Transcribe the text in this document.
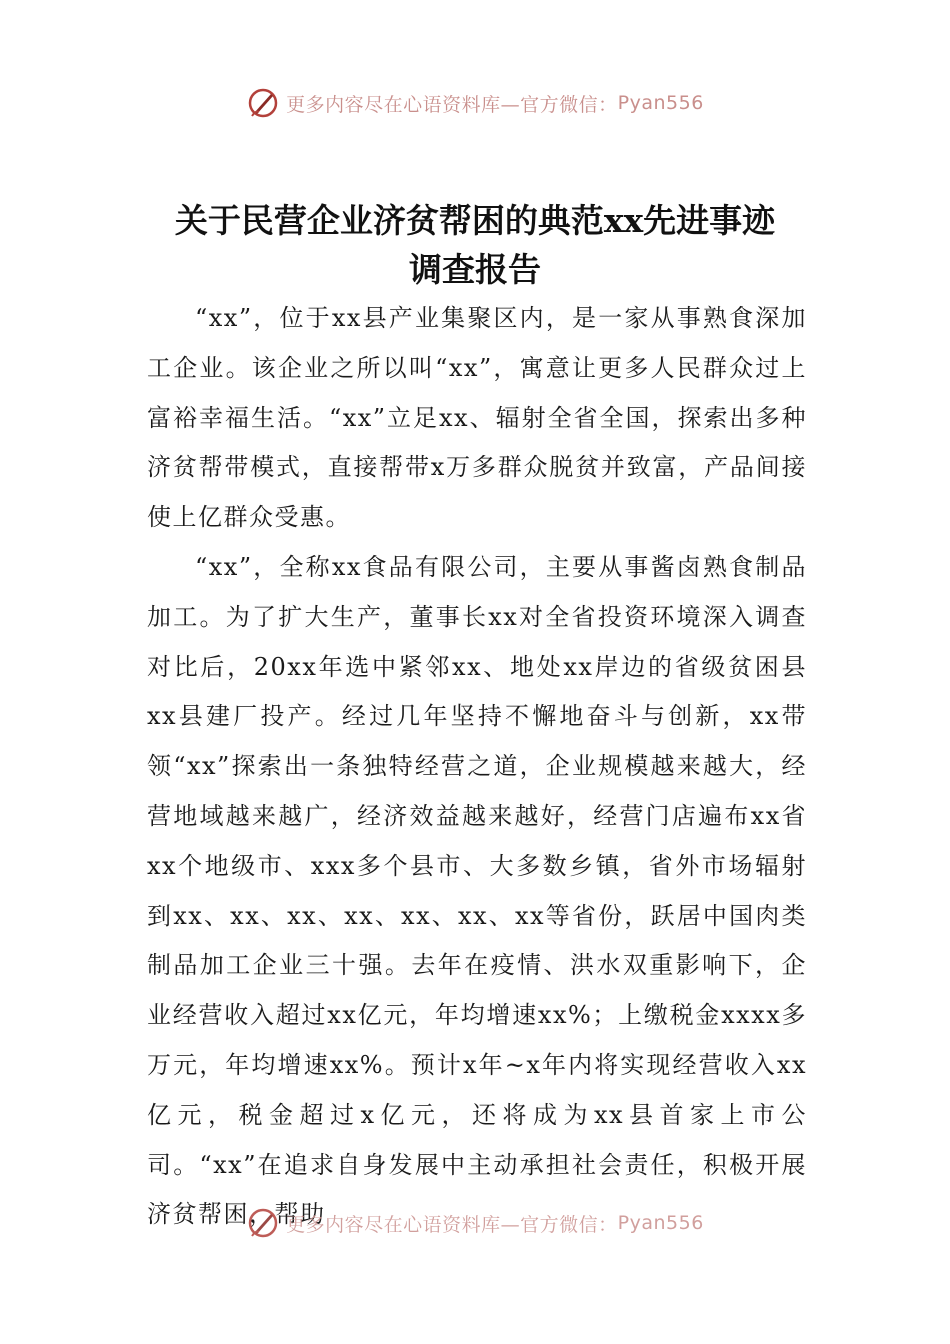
更多内容尽在心语资料库—官方微信： Pyan556
关于民营企业济贫帮困的典范xx先进事迹
调查报告

“xx”，位于xx县产业集聚区内，是一家从事熟食深加工企业。该企业之所以叫“xx”，寓意让更多人民群众过上富裕幸福生活。“xx”立足xx、辐射全省全国，探索出多种济贫帮带模式，直接帮带x万多群众脱贫并致富，产品间接使上亿群众受惠。

“xx”，全称xx食品有限公司，主要从事酱卤熟食制品加工。为了扩大生产，董事长xx对全省投资环境深入调查对比后，20xx年选中紧邻xx、地处xx岸边的省级贫困县xx县建厂投产。经过几年坚持不懈地奋斗与创新，xx带领“xx”探索出一条独特经营之道，企业规模越来越大，经营地域越来越广，经济效益越来越好，经营门店遍布xx省xx个地级市、xxx多个县市、大多数乡镇，省外市场辐射到xx、xx、xx、xx、xx、xx、xx等省份，跃居中国肉类制品加工企业三十强。去年在疫情、洪水双重影响下，企业经营收入超过xx亿元，年均增速xx%；上缴税金xxxx多万元，年均增速xx%。预计x年~x年内将实现经营收入xx亿元，税金超过x亿元，还将成为xx县首家上市公司。“xx”在追求自身发展中主动承担社会责任，积极开展济贫帮困，帮助

更多内容尽在心语资料库—官方微信： Pyan556
